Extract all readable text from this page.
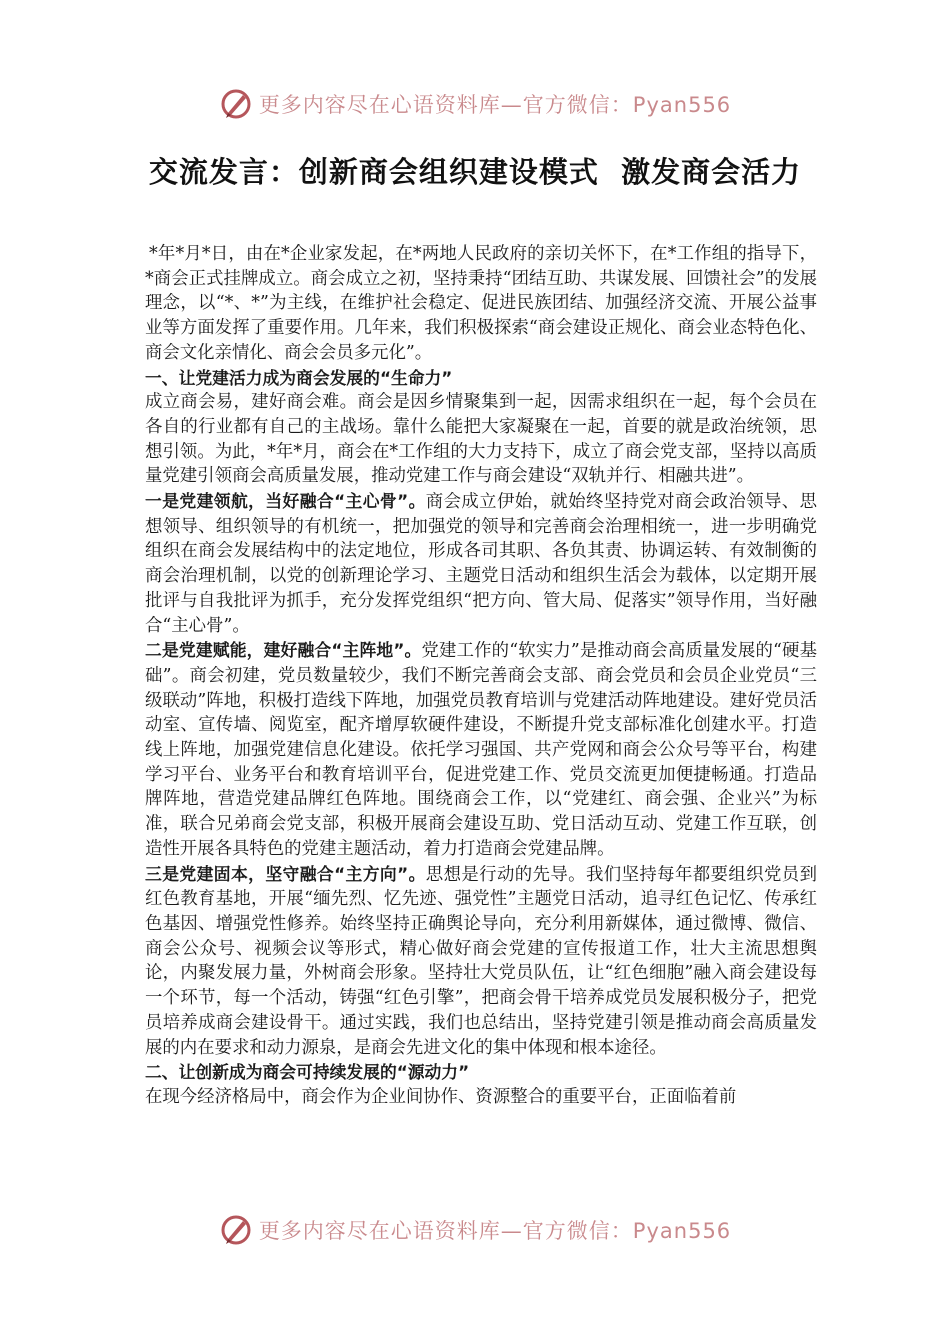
更多内容尽在心语资料库—官方微信：Pyan556
交流发言：创新商会组织建设模式  激发商会活力

*年*月*日，由在*企业家发起，在*两地人民政府的亲切关怀下，在*工作组的指导下，*商会正式挂牌成立。商会成立之初，坚持秉持“团结互助、共谋发展、回馈社会”的发展理念，以“*、*”为主线，在维护社会稳定、促进民族团结、加强经济交流、开展公益事业等方面发挥了重要作用。几年来，我们积极探索“商会建设正规化、商会业态特色化、商会文化亲情化、商会会员多元化”。

一、让党建活力成为商会发展的“生命力”

成立商会易，建好商会难。商会是因乡情聚集到一起，因需求组织在一起，每个会员在各自的行业都有自己的主战场。靠什么能把大家凝聚在一起，首要的就是政治统领，思想引领。为此，*年*月，商会在*工作组的大力支持下，成立了商会党支部，坚持以高质量党建引领商会高质量发展，推动党建工作与商会建设“双轨并行、相融共进”。

一是党建领航，当好融合“主心骨”。商会成立伊始，就始终坚持党对商会政治领导、思想领导、组织领导的有机统一，把加强党的领导和完善商会治理相统一，进一步明确党组织在商会发展结构中的法定地位，形成各司其职、各负其责、协调运转、有效制衡的商会治理机制，以党的创新理论学习、主题党日活动和组织生活会为载体，以定期开展批评与自我批评为抓手，充分发挥党组织“把方向、管大局、促落实”领导作用，当好融合“主心骨”。

二是党建赋能，建好融合“主阵地”。党建工作的“软实力”是推动商会高质量发展的“硬基础”。商会初建，党员数量较少，我们不断完善商会支部、商会党员和会员企业党员“三级联动”阵地，积极打造线下阵地，加强党员教育培训与党建活动阵地建设。建好党员活动室、宣传墙、阅览室，配齐增厚软硬件建设，不断提升党支部标准化创建水平。打造线上阵地，加强党建信息化建设。依托学习强国、共产党网和商会公众号等平台，构建学习平台、业务平台和教育培训平台，促进党建工作、党员交流更加便捷畅通。打造品牌阵地，营造党建品牌红色阵地。围绕商会工作，以“党建红、商会强、企业兴”为标准，联合兄弟商会党支部，积极开展商会建设互助、党日活动互动、党建工作互联，创造性开展各具特色的党建主题活动，着力打造商会党建品牌。

三是党建固本，坚守融合“主方向”。思想是行动的先导。我们坚持每年都要组织党员到红色教育基地，开展“缅先烈、忆先迹、强党性”主题党日活动，追寻红色记忆、传承红色基因、增强党性修养。始终坚持正确舆论导向，充分利用新媒体，通过微博、微信、商会公众号、视频会议等形式，精心做好商会党建的宣传报道工作，壮大主流思想舆论，内聚发展力量，外树商会形象。坚持壮大党员队伍，让“红色细胞”融入商会建设每一个环节，每一个活动，铸强“红色引擎”，把商会骨干培养成党员发展积极分子，把党员培养成商会建设骨干。通过实践，我们也总结出，坚持党建引领是推动商会高质量发展的内在要求和动力源泉，是商会先进文化的集中体现和根本途径。

二、让创新成为商会可持续发展的“源动力”

在现今经济格局中，商会作为企业间协作、资源整合的重要平台，正面临着前

更多内容尽在心语资料库—官方微信：Pyan556
